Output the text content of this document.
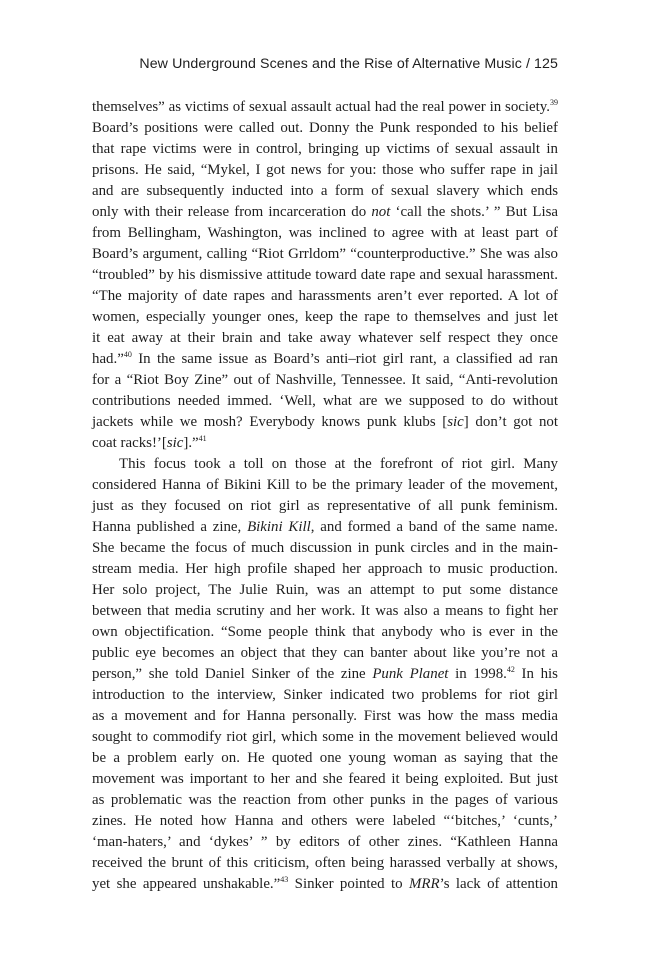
New Underground Scenes and the Rise of Alternative Music / 125
themselves” as victims of sexual assault actual had the real power in society.$^{39}$
Board’s positions were called out. Donny the Punk responded to his belief
that rape victims were in control, bringing up victims of sexual assault in
prisons. He said, “Mykel, I got news for you: those who suffer rape in jail
and are subsequently inducted into a form of sexual slavery which ends
only with their release from incarceration do not ‘call the shots.’ ” But Lisa
from Bellingham, Washington, was inclined to agree with at least part of
Board’s argument, calling “Riot Grrldom” “counterproductive.” She was also
“troubled” by his dismissive attitude toward date rape and sexual harassment.
“The majority of date rapes and harassments aren’t ever reported. A lot of
women, especially younger ones, keep the rape to themselves and just let
it eat away at their brain and take away whatever self respect they once
had.”$^{40}$ In the same issue as Board’s anti–riot girl rant, a classified ad ran
for a “Riot Boy Zine” out of Nashville, Tennessee. It said, “Anti-revolution
contributions needed immed. ‘Well, what are we supposed to do without
jackets while we mosh? Everybody knows punk klubs [sic] don’t got not
coat racks!’[sic].”$^{41}$
This focus took a toll on those at the forefront of riot girl. Many
considered Hanna of Bikini Kill to be the primary leader of the movement,
just as they focused on riot girl as representative of all punk feminism.
Hanna published a zine, Bikini Kill, and formed a band of the same name.
She became the focus of much discussion in punk circles and in the main-
stream media. Her high profile shaped her approach to music production.
Her solo project, The Julie Ruin, was an attempt to put some distance
between that media scrutiny and her work. It was also a means to fight her
own objectification. “Some people think that anybody who is ever in the
public eye becomes an object that they can banter about like you’re not a
person,” she told Daniel Sinker of the zine Punk Planet in 1998.42 In his
introduction to the interview, Sinker indicated two problems for riot girl
as a movement and for Hanna personally. First was how the mass media
sought to commodify riot girl, which some in the movement believed would
be a problem early on. He quoted one young woman as saying that the
movement was important to her and she feared it being exploited. But just
as problematic was the reaction from other punks in the pages of various
zines. He noted how Hanna and others were labeled “‘bitches,’ ‘cunts,’
‘man-haters,’ and ‘dykes’ ” by editors of other zines. “Kathleen Hanna
received the brunt of this criticism, often being harassed verbally at shows,
yet she appeared unshakable.”$^{43}$ Sinker pointed to MRR’s lack of attention
